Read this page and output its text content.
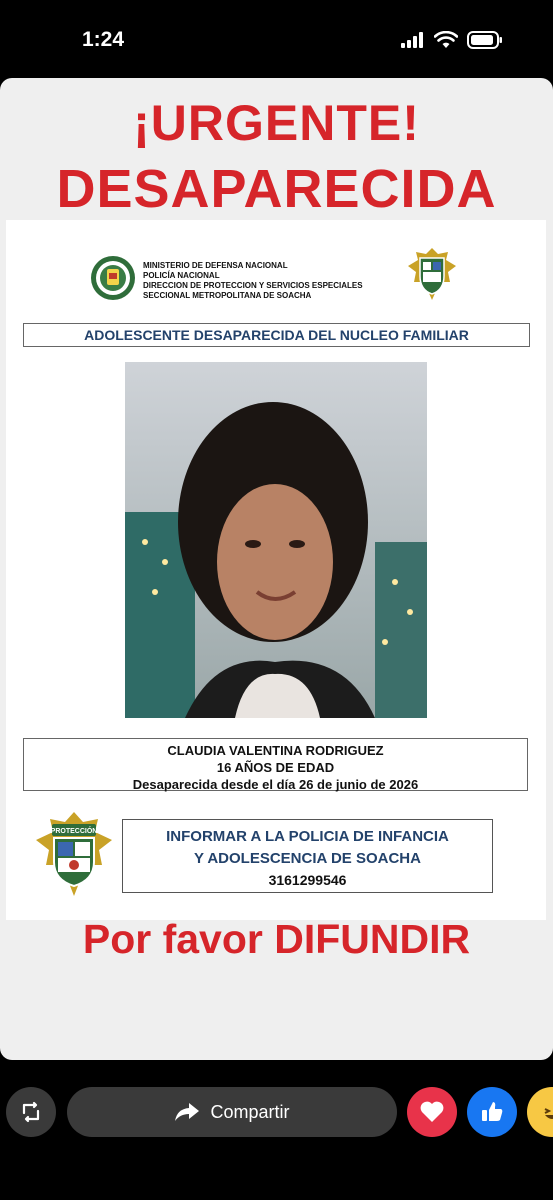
1:24
¡URGENTE!
DESAPARECIDA
MINISTERIO DE DEFENSA NACIONAL
POLICÍA NACIONAL
DIRECCION DE PROTECCION Y SERVICIOS ESPECIALES
SECCIONAL METROPOLITANA DE SOACHA
ADOLESCENTE DESAPARECIDA DEL NUCLEO FAMILIAR
CLAUDIA VALENTINA RODRIGUEZ
16 AÑOS DE EDAD
Desaparecida desde el día 26 de junio de 2026
PROTECCIÓN	INFORMAR A LA POLICIA DE INFANCIA
Y ADOLESCENCIA DE SOACHA
3161299546
Por favor DIFUNDIR
Compartir
